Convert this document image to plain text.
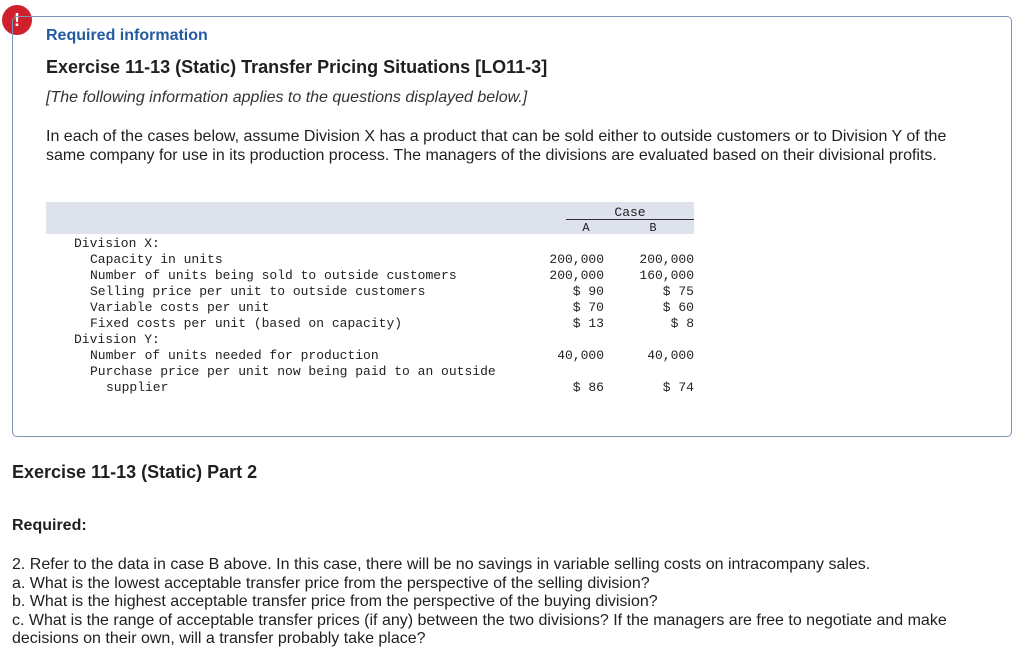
!
Required information
Exercise 11-13 (Static) Transfer Pricing Situations [LO11-3]
[The following information applies to the questions displayed below.]
In each of the cases below, assume Division X has a product that can be sold either to outside customers or to Division Y of the same company for use in its production process. The managers of the divisions are evaluated based on their divisional profits.
Case
A	B
Division X:
Capacity in units	200,000	200,000
Number of units being sold to outside customers	200,000	160,000
Selling price per unit to outside customers	$ 90	$ 75
Variable costs per unit	$ 70	$ 60
Fixed costs per unit (based on capacity)	$ 13	$ 8
Division Y:
Number of units needed for production	40,000	40,000
Purchase price per unit now being paid to an outside
supplier	$ 86	$ 74
Exercise 11-13 (Static) Part 2
Required:
2. Refer to the data in case B above. In this case, there will be no savings in variable selling costs on intracompany sales.
a. What is the lowest acceptable transfer price from the perspective of the selling division?
b. What is the highest acceptable transfer price from the perspective of the buying division?
c. What is the range of acceptable transfer prices (if any) between the two divisions? If the managers are free to negotiate and make decisions on their own, will a transfer probably take place?
